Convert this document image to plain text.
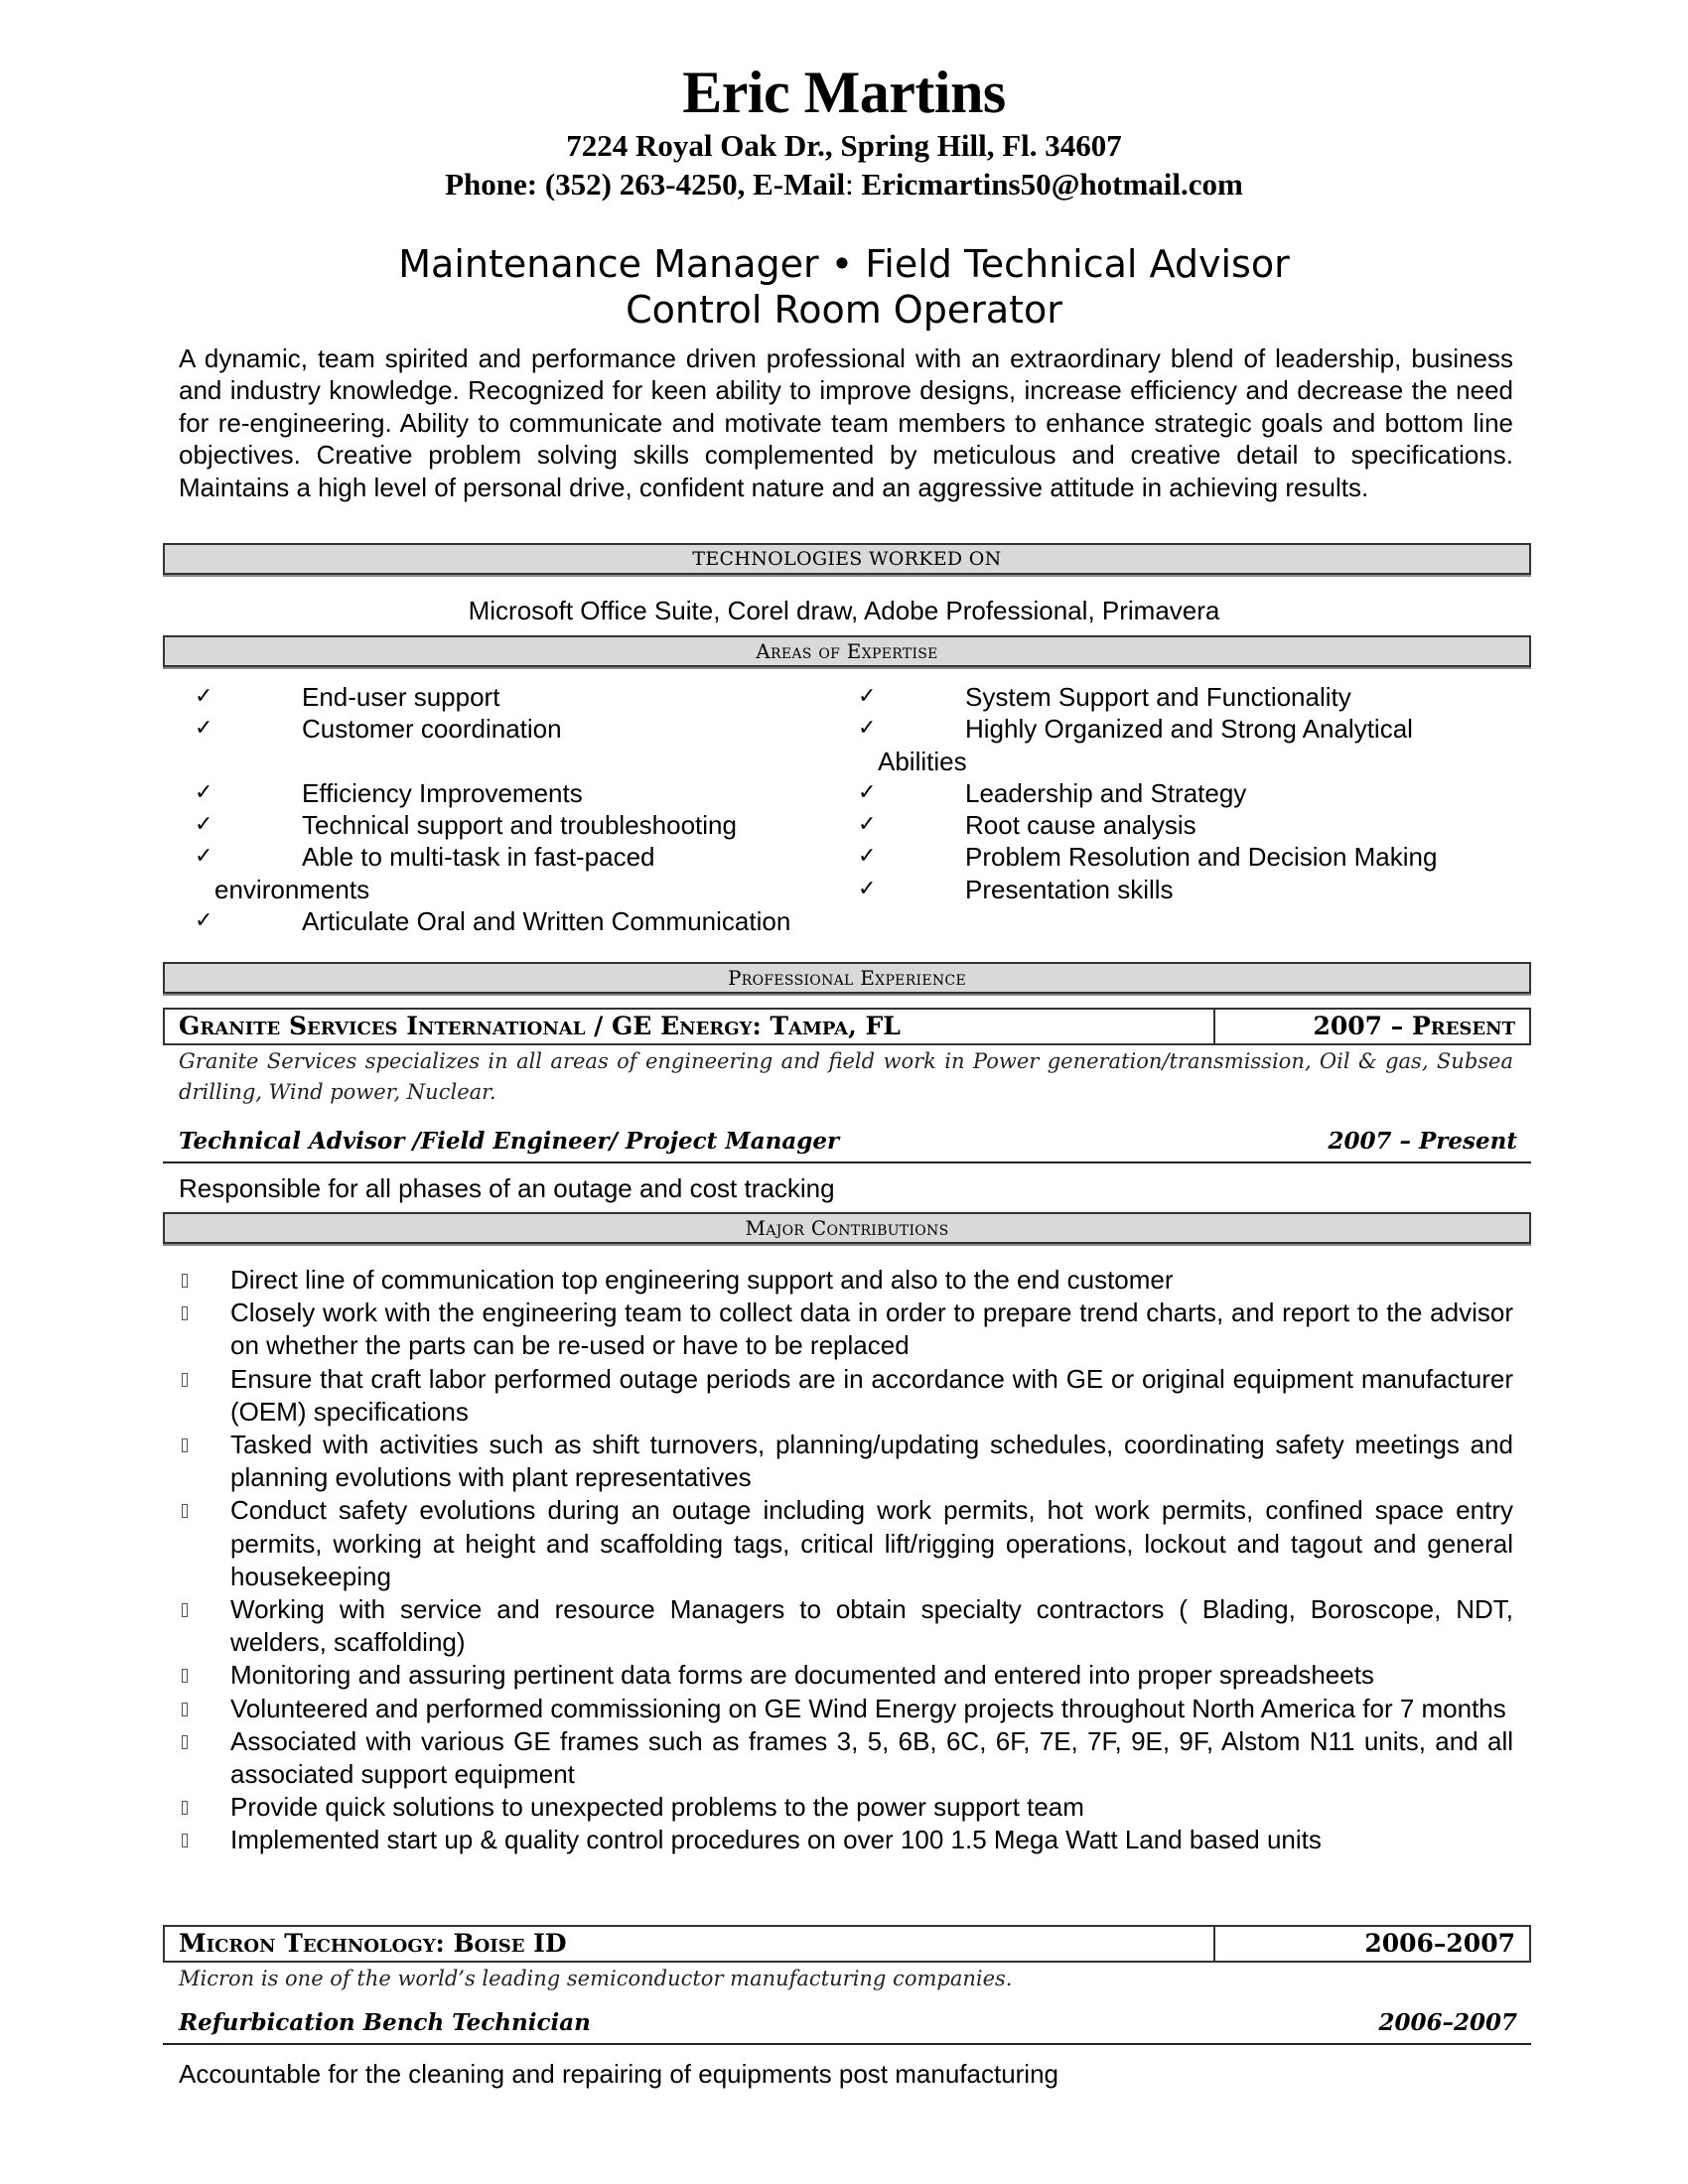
Eric Martins
7224 Royal Oak Dr., Spring Hill, Fl. 34607
Phone: (352) 263-4250, E-Mail: Ericmartins50@hotmail.com
Maintenance Manager • Field Technical Advisor
Control Room Operator
A dynamic, team spirited and performance driven professional with an extraordinary blend of leadership, business and industry knowledge. Recognized for keen ability to improve designs, increase efficiency and decrease the need for re-engineering. Ability to communicate and motivate team members to enhance strategic goals and bottom line objectives. Creative problem solving skills complemented by meticulous and creative detail to specifications. Maintains a high level of personal drive, confident nature and an aggressive attitude in achieving results.
TECHNOLOGIES WORKED ON
Microsoft Office Suite, Corel draw, Adobe Professional, Primavera
Areas of Expertise
✓	End-user support
✓	Customer coordination
✓	Efficiency Improvements
✓	Technical support and troubleshooting
✓	Able to multi-task in fast-paced
environments
✓	Articulate Oral and Written Communication
✓	System Support and Functionality
✓	Highly Organized and Strong Analytical
Abilities
✓	Leadership and Strategy
✓	Root cause analysis
✓	Problem Resolution and Decision Making
✓	Presentation skills
Professional Experience
Granite Services International / GE Energy: Tampa, FL	2007 – Present
Granite Services specializes in all areas of engineering and field work in Power generation/transmission, Oil & gas, Subsea drilling, Wind power, Nuclear.
Technical Advisor /Field Engineer/ Project Manager	2007 – Present
Responsible for all phases of an outage and cost tracking
Major Contributions
Direct line of communication top engineering support and also to the end customer
Closely work with the engineering team to collect data in order to prepare trend charts, and report to the advisor on whether the parts can be re-used or have to be replaced
Ensure that craft labor performed outage periods are in accordance with GE or original equipment manufacturer (OEM) specifications
Tasked with activities such as shift turnovers, planning/updating schedules, coordinating safety meetings and planning evolutions with plant representatives
Conduct safety evolutions during an outage including work permits, hot work permits, confined space entry permits, working at height and scaffolding tags, critical lift/rigging operations, lockout and tagout and general housekeeping
Working with service and resource Managers to obtain specialty contractors ( Blading, Boroscope, NDT, welders, scaffolding)
Monitoring and assuring pertinent data forms are documented and entered into proper spreadsheets
Volunteered and performed commissioning on GE Wind Energy projects throughout North America for 7 months
Associated with various GE frames such as frames 3, 5, 6B, 6C, 6F, 7E, 7F, 9E, 9F, Alstom N11 units, and all associated support equipment
Provide quick solutions to unexpected problems to the power support team
Implemented start up & quality control procedures on over 100 1.5 Mega Watt Land based units
Micron Technology: Boise ID	2006–2007
Micron is one of the world’s leading semiconductor manufacturing companies.
Refurbication Bench Technician	2006–2007
Accountable for the cleaning and repairing of equipments post manufacturing
